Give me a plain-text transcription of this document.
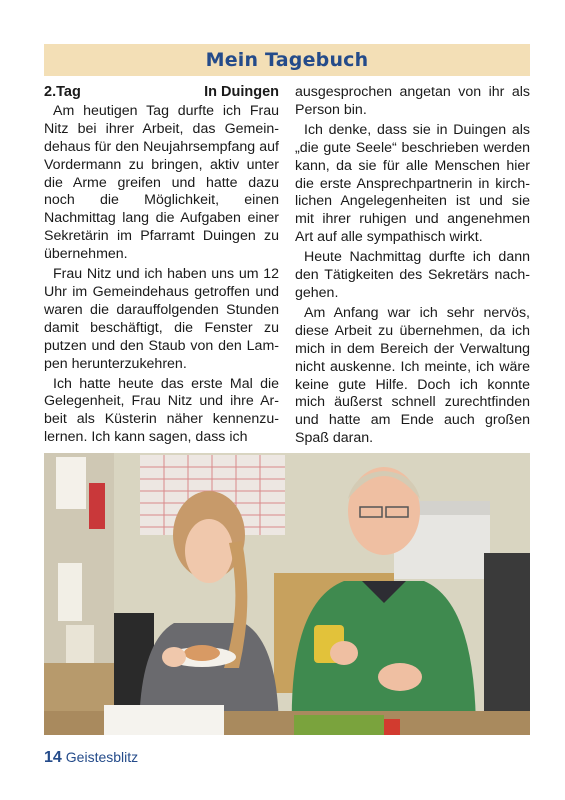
Mein Tagebuch
2.Tag	In Duingen

Am heutigen Tag durfte ich Frau Nitz bei ihrer Arbeit, das Gemeindehaus für den Neujahrsempfang auf Vordermann zu bringen, aktiv unter die Arme greifen und hatte dazu noch die Möglichkeit, einen Nachmittag lang die Aufgaben einer Sekretärin im Pfarramt Duingen zu übernehmen.

Frau Nitz und ich haben uns um 12 Uhr im Gemeindehaus getroffen und waren die darauffolgenden Stunden damit beschäftigt, die Fenster zu putzen und den Staub von den Lampen herunterzukehren.

Ich hatte heute das erste Mal die Gelegenheit, Frau Nitz und ihre Arbeit als Küsterin näher kennenzulernen. Ich kann sagen, dass ich

ausgesprochen angetan von ihr als Person bin.

Ich denke, dass sie in Duingen als „die gute Seele“ beschrieben werden kann, da sie für alle Menschen hier die erste Ansprechpartnerin in kirchlichen Angelegenheiten ist und sie mit ihrer ruhigen und angenehmen Art auf alle sympathisch wirkt.

Heute Nachmittag durfte ich dann den Tätigkeiten des Sekretärs nachgehen.

Am Anfang war ich sehr nervös, diese Arbeit zu übernehmen, da ich mich in dem Bereich der Verwaltung nicht auskenne. Ich meinte, ich wäre keine gute Hilfe. Doch ich konnte mich äußerst schnell zurechtfinden und hatte am Ende auch großen Spaß daran.

14 Geistesblitz
